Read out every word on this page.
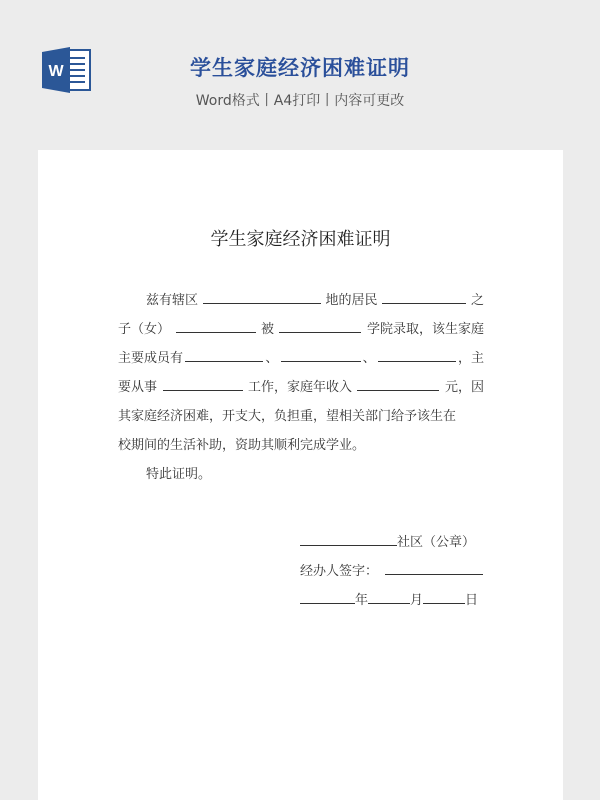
W	学生家庭经济困难证明
Word格式丨A4打印丨内容可更改
学生家庭经济困难证明
兹有辖区	地的居民	之
子（女）	被	学院录取，该生家庭
主要成员有	、	、	，主
要从事	工作，家庭年收入	元，因
其家庭经济困难，开支大，负担重，望相关部门给予该生在
校期间的生活补助，资助其顺利完成学业。
特此证明。
社区（公章）
经办人签字：
年	月	日
